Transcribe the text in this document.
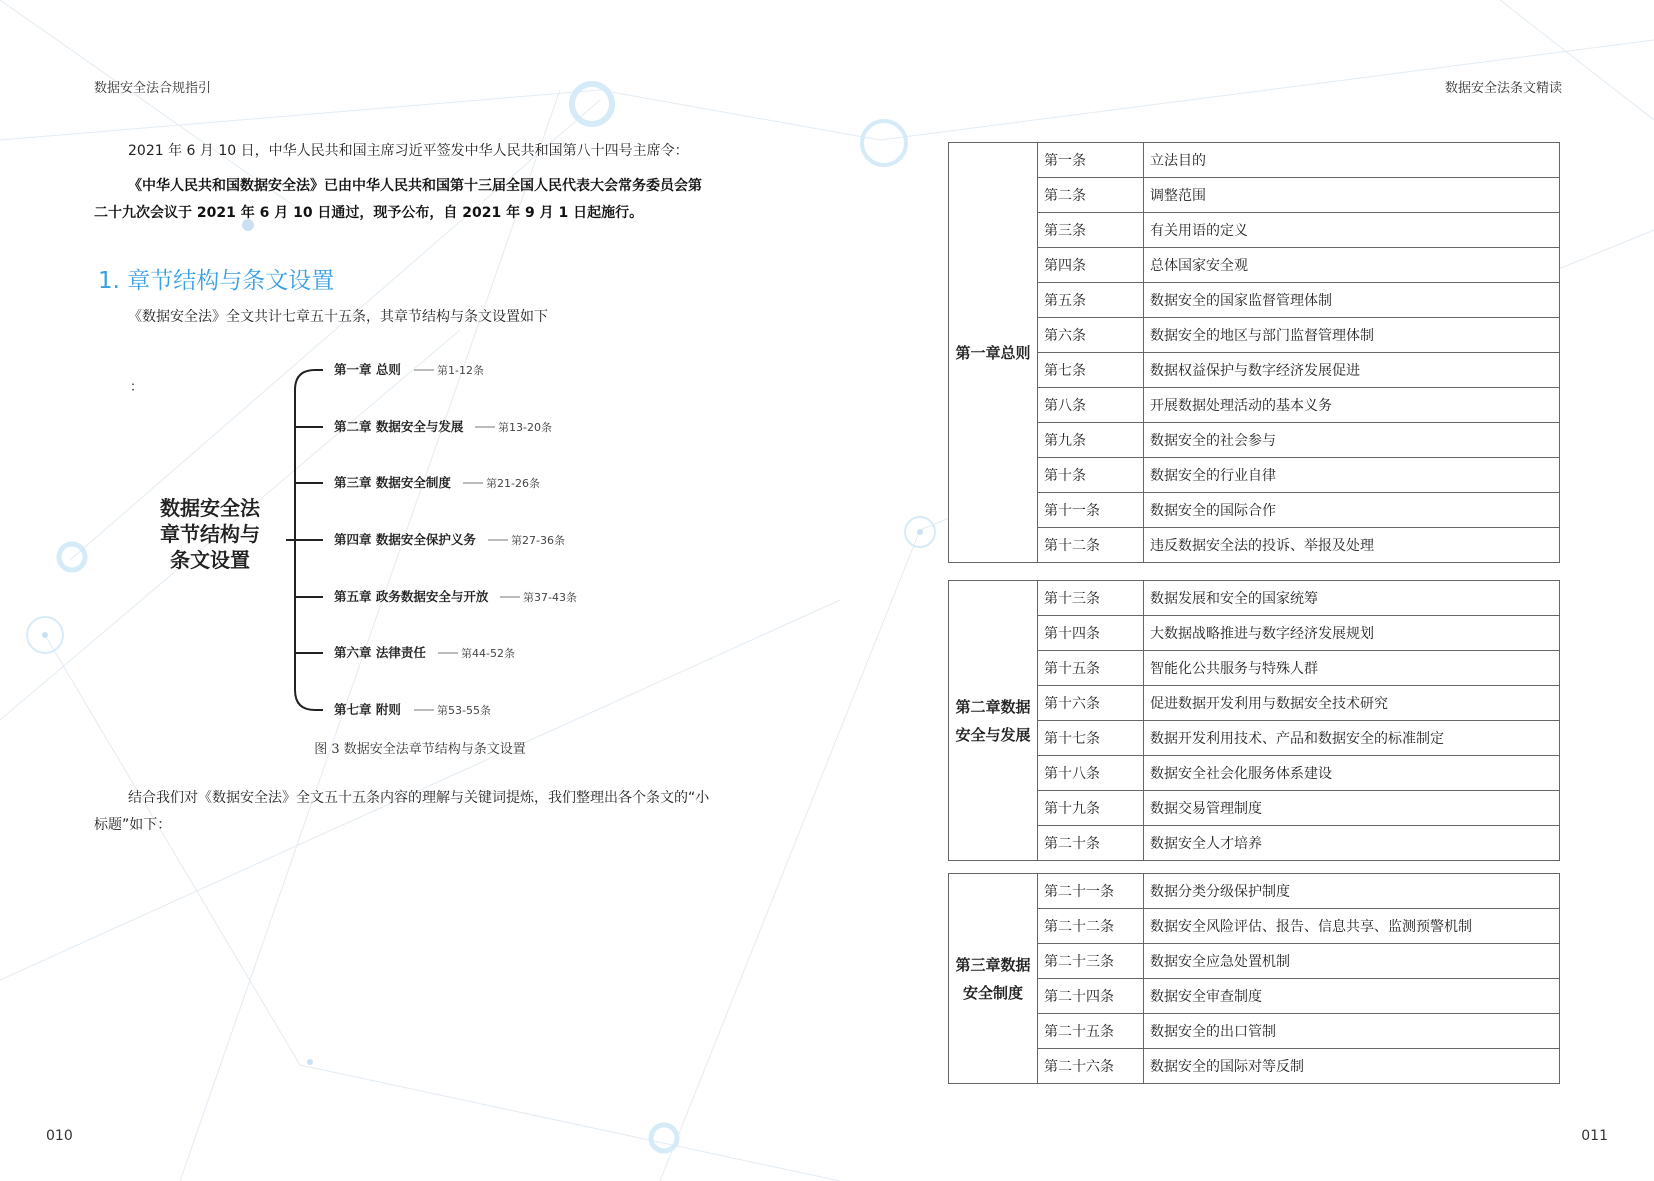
数据安全法合规指引	数据安全法条文精读
2021 年 6 月 10 日，中华人民共和国主席习近平签发中华人民共和国第八十四号主席令：
《中华人民共和国数据安全法》已由中华人民共和国第十三届全国人民代表大会常务委员会第二十九次会议于 2021 年 6 月 10 日通过，现予公布，自 2021 年 9 月 1 日起施行。
1. 章节结构与条文设置
《数据安全法》全文共计七章五十五条，其章节结构与条文设置如下
：
数据安全法
章节结构与
条文设置
第一章 总则	第1-12条
第二章 数据安全与发展	第13-20条
第三章 数据安全制度	第21-26条
第四章 数据安全保护义务	第27-36条
第五章 政务数据安全与开放	第37-43条
第六章 法律责任	第44-52条
第七章 附则	第53-55条
图 3 数据安全法章节结构与条文设置
结合我们对《数据安全法》全文五十五条内容的理解与关键词提炼，我们整理出各个条文的“小标题”如下：
第一章总则	第一条	立法目的
	第二条	调整范围
	第三条	有关用语的定义
	第四条	总体国家安全观
	第五条	数据安全的国家监督管理体制
	第六条	数据安全的地区与部门监督管理体制
	第七条	数据权益保护与数字经济发展促进
	第八条	开展数据处理活动的基本义务
	第九条	数据安全的社会参与
	第十条	数据安全的行业自律
	第十一条	数据安全的国际合作
	第十二条	违反数据安全法的投诉、举报及处理
第二章数据安全与发展	第十三条	数据发展和安全的国家统筹
	第十四条	大数据战略推进与数字经济发展规划
	第十五条	智能化公共服务与特殊人群
	第十六条	促进数据开发利用与数据安全技术研究
	第十七条	数据开发利用技术、产品和数据安全的标准制定
	第十八条	数据安全社会化服务体系建设
	第十九条	数据交易管理制度
	第二十条	数据安全人才培养
第三章数据安全制度	第二十一条	数据分类分级保护制度
	第二十二条	数据安全风险评估、报告、信息共享、监测预警机制
	第二十三条	数据安全应急处置机制
	第二十四条	数据安全审查制度
	第二十五条	数据安全的出口管制
	第二十六条	数据安全的国际对等反制
010	011
